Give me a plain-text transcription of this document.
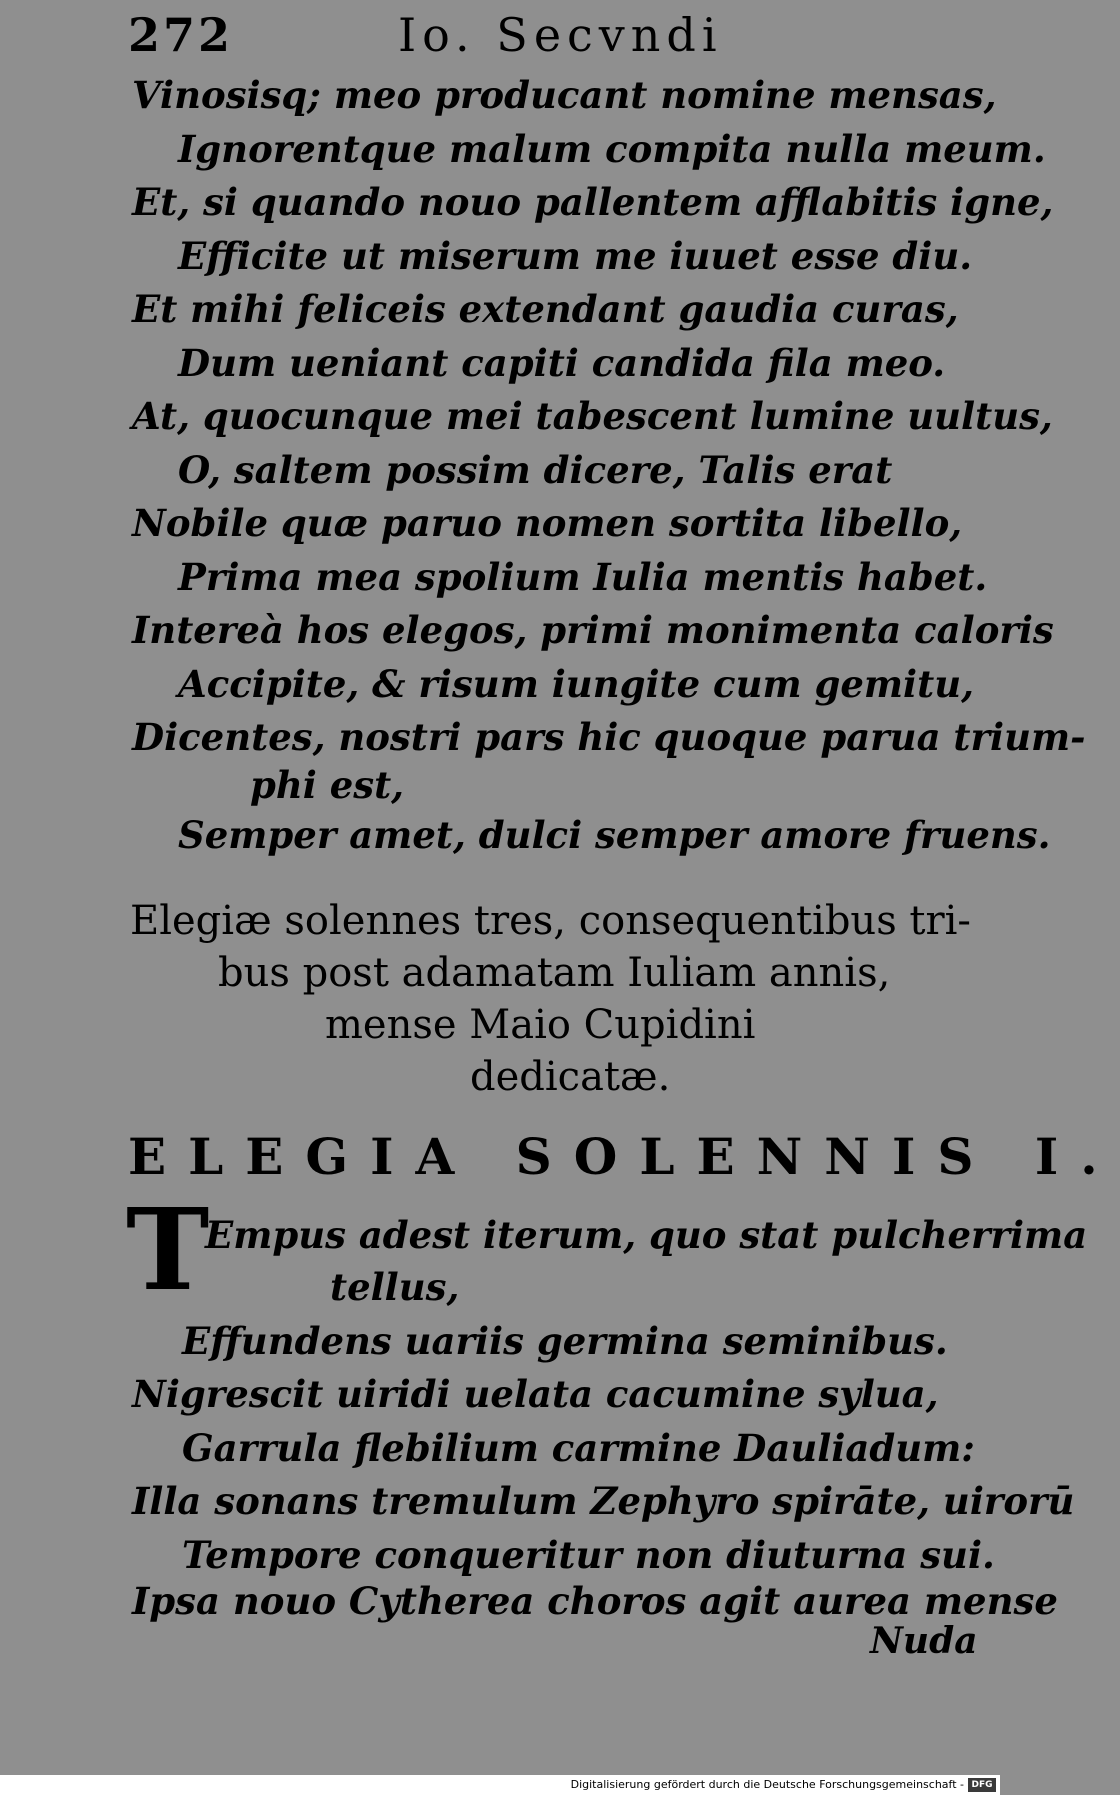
272	Io. Secvndi
Vinosisq; meo producant nomine mensas,
Ignorentque malum compita nulla meum.
Et, si quando nouo pallentem afflabitis igne,
Efficite ut miserum me iuuet esse diu.
Et mihi feliceis extendant gaudia curas,
Dum ueniant capiti candida fila meo.
At, quocunque mei tabescent lumine uultus,
O, saltem possim dicere, Talis erat
Nobile quæ paruo nomen sortita libello,
Prima mea spolium Iulia mentis habet.
Intereà hos elegos, primi monimenta caloris
Accipite, & risum iungite cum gemitu,
Dicentes, nostri pars hic quoque parua trium-
phi est,
Semper amet, dulci semper amore fruens.
Elegiæ solennes tres, consequentibus tri-
bus post adamatam Iuliam annis,
mense Maio Cupidini
dedicatæ.
ELEGIA SOLENNIS I.
T
Empus adest iterum, quo stat pulcherrima
tellus,
Effundens uariis germina seminibus.
Nigrescit uiridi uelata cacumine sylua,
Garrula flebilium carmine Dauliadum:
Illa sonans tremulum Zephyro spirāte, uirorū
Tempore conqueritur non diuturna sui.
Ipsa nouo Cytherea choros agit aurea mense
Nuda
Digitalisierung gefördert durch die Deutsche Forschungsgemeinschaft - DFG
